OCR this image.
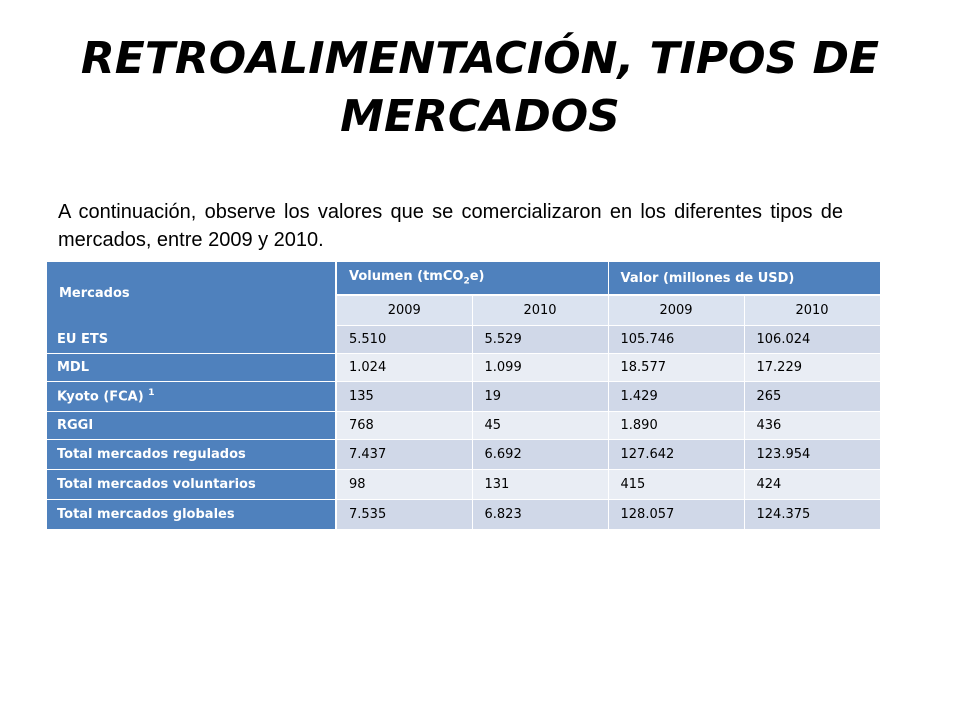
RETROALIMENTACIÓN, TIPOS DE
MERCADOS
A continuación, observe los valores que se comercializaron en los diferentes tipos de mercados, entre 2009 y 2010.
Mercados	Volumen (tmCO$_2$e)		Valor (millones de USD)	
	2009	2010	2009	2010
EU ETS	5.510	5.529	105.746	106.024
MDL	1.024	1.099	18.577	17.229
Kyoto (FCA) $^1$	135	19	1.429	265
RGGI	768	45	1.890	436
Total mercados regulados	7.437	6.692	127.642	123.954
Total mercados voluntarios	98	131	415	424
Total mercados globales	7.535	6.823	128.057	124.375
